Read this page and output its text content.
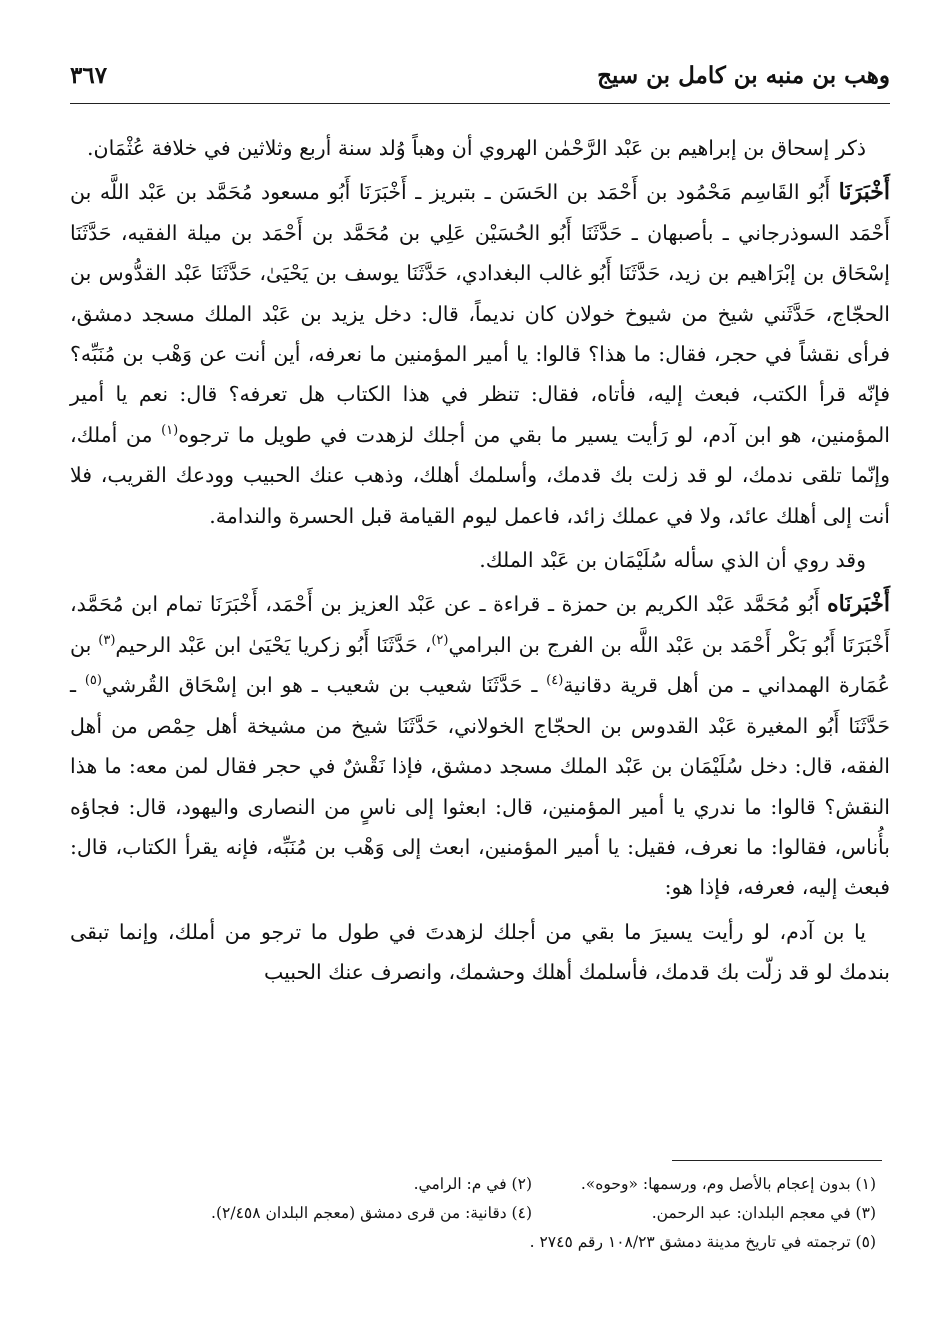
وهب بن منبه بن كامل بن سيج
٣٦٧

ذكر إسحاق بن إبراهيم بن عَبْد الرَّحْمٰن الهروي أن وهباً وُلد سنة أربع وثلاثين في خلافة عُثْمَان.

أَخْبَرَنَا أَبُو القَاسِم مَحْمُود بن أَحْمَد بن الحَسَن ـ بتبريز ـ أَخْبَرَنَا أَبُو مسعود مُحَمَّد بن عَبْد اللَّه بن أَحْمَد السوذرجاني ـ بأصبهان ـ حَدَّثَنَا أَبُو الحُسَيْن عَلِي بن مُحَمَّد بن أَحْمَد بن ميلة الفقيه، حَدَّثَنَا إسْحَاق بن إبْرَاهيم بن زيد، حَدَّثَنَا أَبُو غالب البغدادي، حَدَّثَنَا يوسف بن يَحْيَىٰ، حَدَّثَنَا عَبْد القدُّوس بن الحجّاج، حَدَّثَني شيخ من شيوخ خولان كان نديماً، قال: دخل يزيد بن عَبْد الملك مسجد دمشق، فرأى نقشاً في حجر، فقال: ما هذا؟ قالوا: يا أمير المؤمنين ما نعرفه، أين أنت عن وَهْب بن مُنَبِّه؟ فإنّه قرأ الكتب، فبعث إليه، فأتاه، فقال: تنظر في هذا الكتاب هل تعرفه؟ قال: نعم يا أمير المؤمنين، هو ابن آدم، لو رَأيت يسير ما بقي من أجلك لزهدت في طويل ما ترجوه$^{(١)}$ من أملك، وإنّما تلقى ندمك، لو قد زلت بك قدمك، وأسلمك أهلك، وذهب عنك الحبيب وودعك القريب، فلا أنت إلى أهلك عائد، ولا في عملك زائد، فاعمل ليوم القيامة قبل الحسرة والندامة.

وقد روي أن الذي سأله سُلَيْمَان بن عَبْد الملك.

أَخْبَرنَاه أَبُو مُحَمَّد عَبْد الكريم بن حمزة ـ قراءة ـ عن عَبْد العزيز بن أَحْمَد، أَخْبَرَنَا تمام ابن مُحَمَّد، أَخْبَرَنَا أَبُو بَكْر أَحْمَد بن عَبْد اللَّه بن الفرج بن البرامي$^{(٢)}$، حَدَّثَنَا أَبُو زكريا يَحْيَىٰ ابن عَبْد الرحيم$^{(٣)}$ بن عُمَارة الهمداني ـ من أهل قرية دقانية$^{(٤)}$ ـ حَدَّثَنَا شعيب بن شعيب ـ هو ابن إسْحَاق القُرشي$^{(٥)}$ ـ حَدَّثَنَا أَبُو المغيرة عَبْد القدوس بن الحجّاج الخولاني، حَدَّثَنَا شيخ من مشيخة أهل حِمْص من أهل الفقه، قال: دخل سُلَيْمَان بن عَبْد الملك مسجد دمشق، فإذا نَقْشٌ في حجر فقال لمن معه: ما هذا النقش؟ قالوا: ما ندري يا أمير المؤمنين، قال: ابعثوا إلى ناسٍ من النصارى واليهود، قال: فجاؤه بأُناس، فقالوا: ما نعرف، فقيل: يا أمير المؤمنين، ابعث إلى وَهْب بن مُنَبِّه، فإنه يقرأ الكتاب، قال: فبعث إليه، فعرفه، فإذا هو:

يا بن آدم، لو رأيت يسيرَ ما بقي من أجلك لزهدتَ في طول ما ترجو من أملك، وإنما تبقى بندمك لو قد زلّت بك قدمك، فأسلمك أهلك وحشمك، وانصرف عنك الحبيب

(١) بدون إعجام بالأصل وم، ورسمها: «وحوه».
(٢) في م: الرامي.
(٣) في معجم البلدان: عبد الرحمن.
(٤) دقانية: من قرى دمشق (معجم البلدان ٢/٤٥٨).
(٥) ترجمته في تاريخ مدينة دمشق ١٠٨/٢٣ رقم ٢٧٤٥ .
